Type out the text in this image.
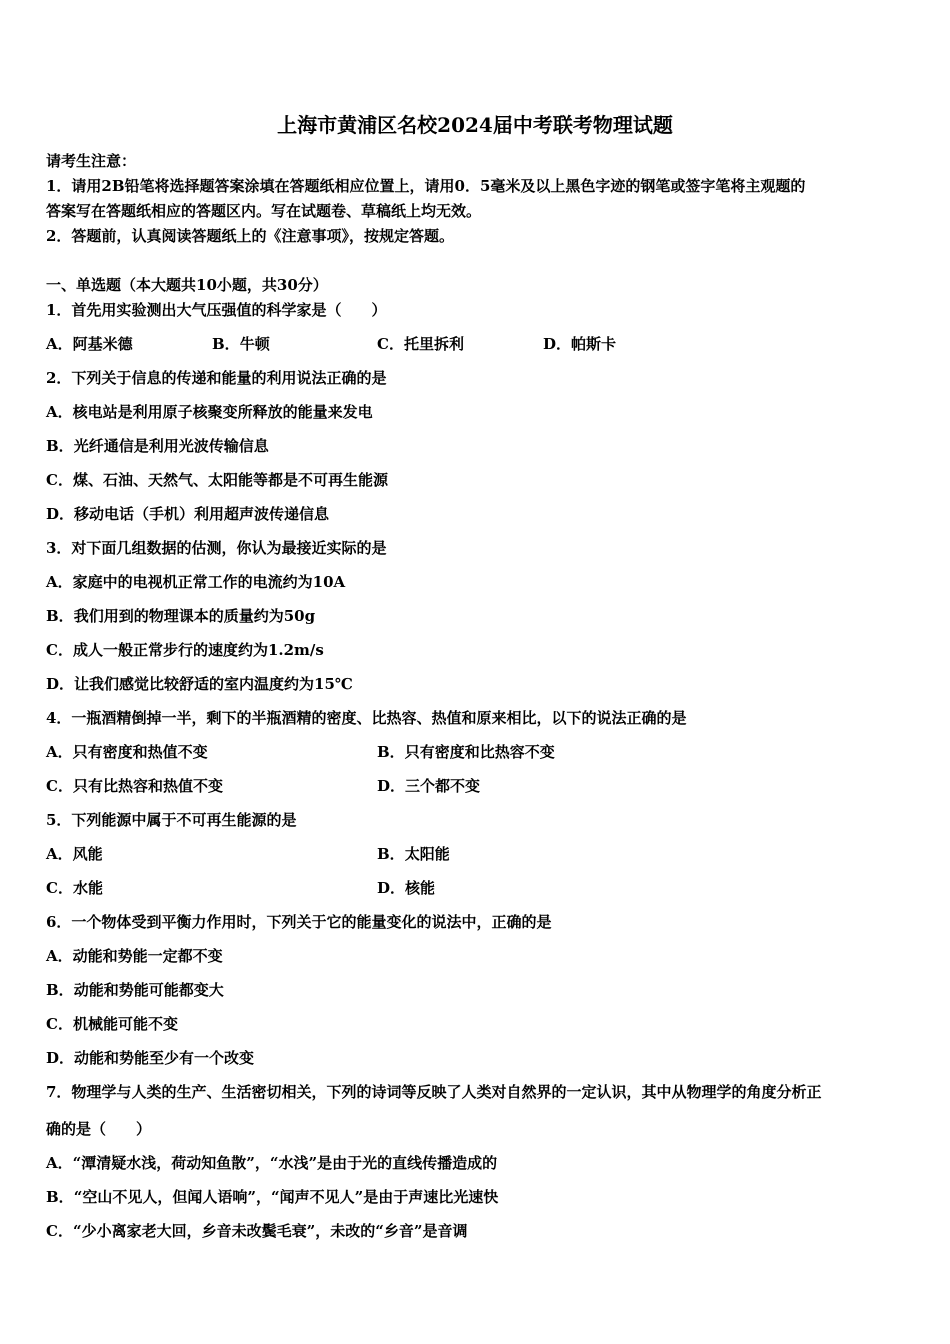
上海市黄浦区名校2024届中考联考物理试题
请考生注意：
1．请用2B铅笔将选择题答案涂填在答题纸相应位置上，请用0．5毫米及以上黑色字迹的钢笔或签字笔将主观题的
答案写在答题纸相应的答题区内。写在试题卷、草稿纸上均无效。
2．答题前，认真阅读答题纸上的《注意事项》，按规定答题。
一、单选题（本大题共10小题，共30分）
1．首先用实验测出大气压强值的科学家是（　　）
A．阿基米德	B．牛顿	C．托里拆利	D．帕斯卡
2．下列关于信息的传递和能量的利用说法正确的是
A．核电站是利用原子核聚变所释放的能量来发电
B．光纤通信是利用光波传输信息
C．煤、石油、天然气、太阳能等都是不可再生能源
D．移动电话（手机）利用超声波传递信息
3．对下面几组数据的估测，你认为最接近实际的是
A．家庭中的电视机正常工作的电流约为10A
B．我们用到的物理课本的质量约为50g
C．成人一般正常步行的速度约为1.2m/s
D．让我们感觉比较舒适的室内温度约为15℃
4．一瓶酒精倒掉一半，剩下的半瓶酒精的密度、比热容、热值和原来相比，以下的说法正确的是
A．只有密度和热值不变	B．只有密度和比热容不变
C．只有比热容和热值不变	D．三个都不变
5．下列能源中属于不可再生能源的是
A．风能	B．太阳能
C．水能	D．核能
6．一个物体受到平衡力作用时，下列关于它的能量变化的说法中，正确的是
A．动能和势能一定都不变
B．动能和势能可能都变大
C．机械能可能不变
D．动能和势能至少有一个改变
7．物理学与人类的生产、生活密切相关，下列的诗词等反映了人类对自然界的一定认识，其中从物理学的角度分析正
确的是（　　）
A．“潭清疑水浅，荷动知鱼散”，“水浅”是由于光的直线传播造成的
B．“空山不见人，但闻人语响”，“闻声不见人”是由于声速比光速快
C．“少小离家老大回，乡音未改鬓毛衰”，未改的“乡音”是音调
